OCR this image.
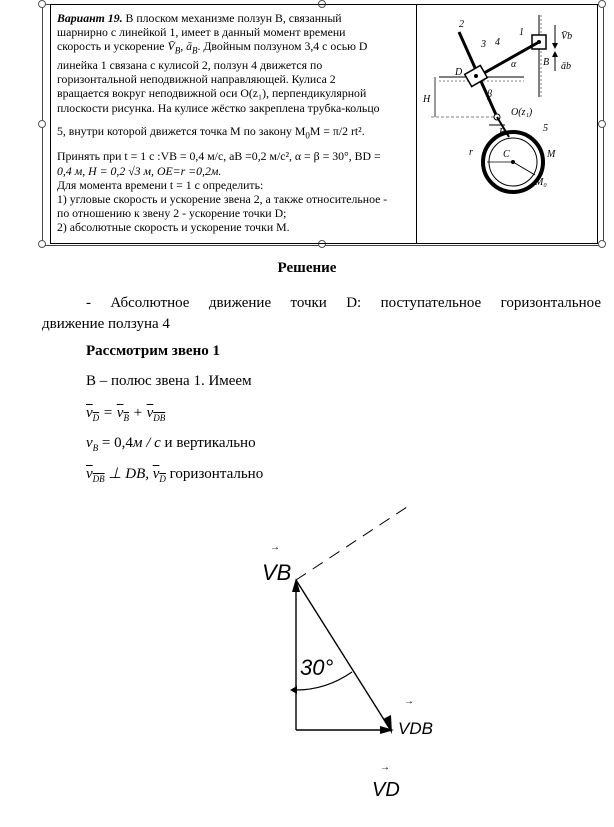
Вариант 19. В плоском механизме ползун B, связанный

шарнирно с линейкой 1, имеет в данный момент времени

скорость и ускорение $V̄_B$, $ā_B$. Двойным ползуном 3,4 с осью D

линейка 1 связана с кулисой 2, ползун 4 движется по

горизонтальной неподвижной направляющей. Кулиса 2

вращается вокруг неподвижной оси O(z₁), перпендикулярной

плоскости рисунка. На кулисе жёстко закреплена трубка-кольцо

5, внутри которой движется точка M по закону $M_0M = \pi/2$ rt².

Принять при t = 1 с :VB = 0,4 м/с, aB =0,2 м/с², α = β = 30°, BD =

0,4 м, H = 0,2 √3 м, OE=r =0,2м.

Для момента времени t = 1 с определить:

1) угловые скорость и ускорение звена 2, а также относительное -

по отношению к звену 2 - ускорение точки D;

2) абсолютные скорость и ускорение точки M.

2
3 4
1
B
D
α
β
H
O(z₁)
E
r	C	M
M₀
5
V̄b
āb
Решение
- Абсолютное движение точки D: поступательное горизонтальное
движение ползуна 4
Рассмотрим звено 1
B – полюс звена 1. Имеем
$v_D = v_B + v_{DB}$
$v_B = 0,4м / с$ и вертикально
$v_{DB}$ ⊥ DB, $v_D$ горизонтально
→
VB
30°
→
VDB
→
VD
